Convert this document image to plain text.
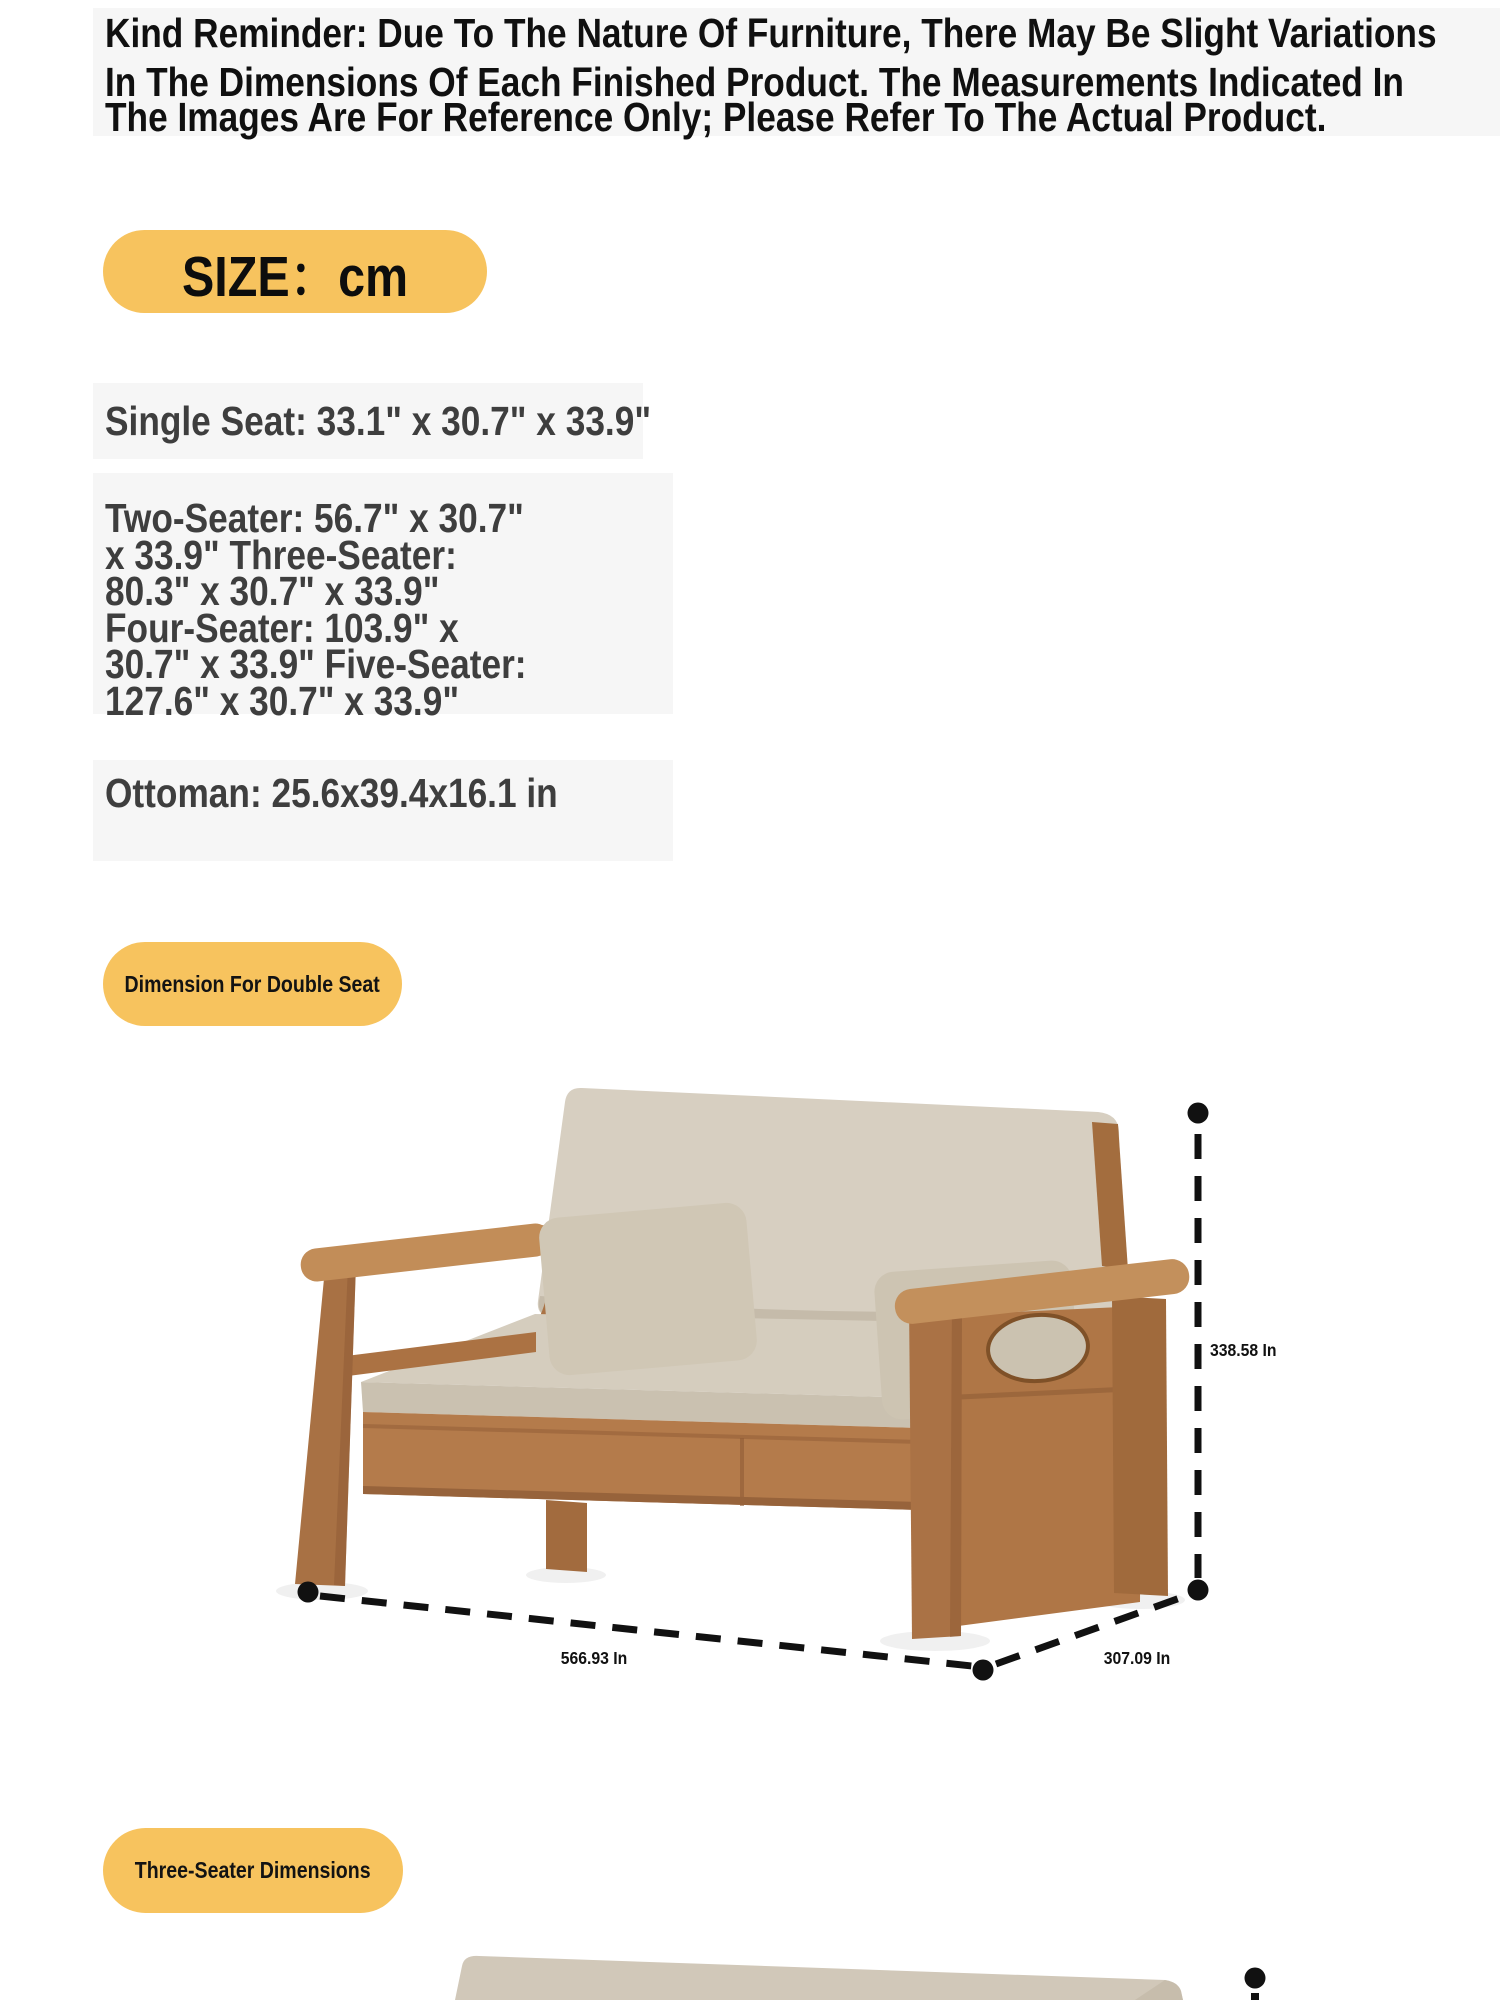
Kind Reminder: Due To The Nature Of Furniture, There May Be Slight Variations
In The Dimensions Of Each Finished Product. The Measurements Indicated In
The Images Are For Reference Only; Please Refer To The Actual Product.
SIZE：cm
Single Seat: 33.1" x 30.7" x 33.9"
Two-Seater: 56.7" x 30.7"
x 33.9" Three-Seater:
80.3" x 30.7" x 33.9"
Four-Seater: 103.9" x
30.7" x 33.9" Five-Seater:
127.6" x 30.7" x 33.9"
Ottoman: 25.6x39.4x16.1 in
Dimension For Double Seat
338.58 In
566.93 In	307.09 In
Three-Seater Dimensions
